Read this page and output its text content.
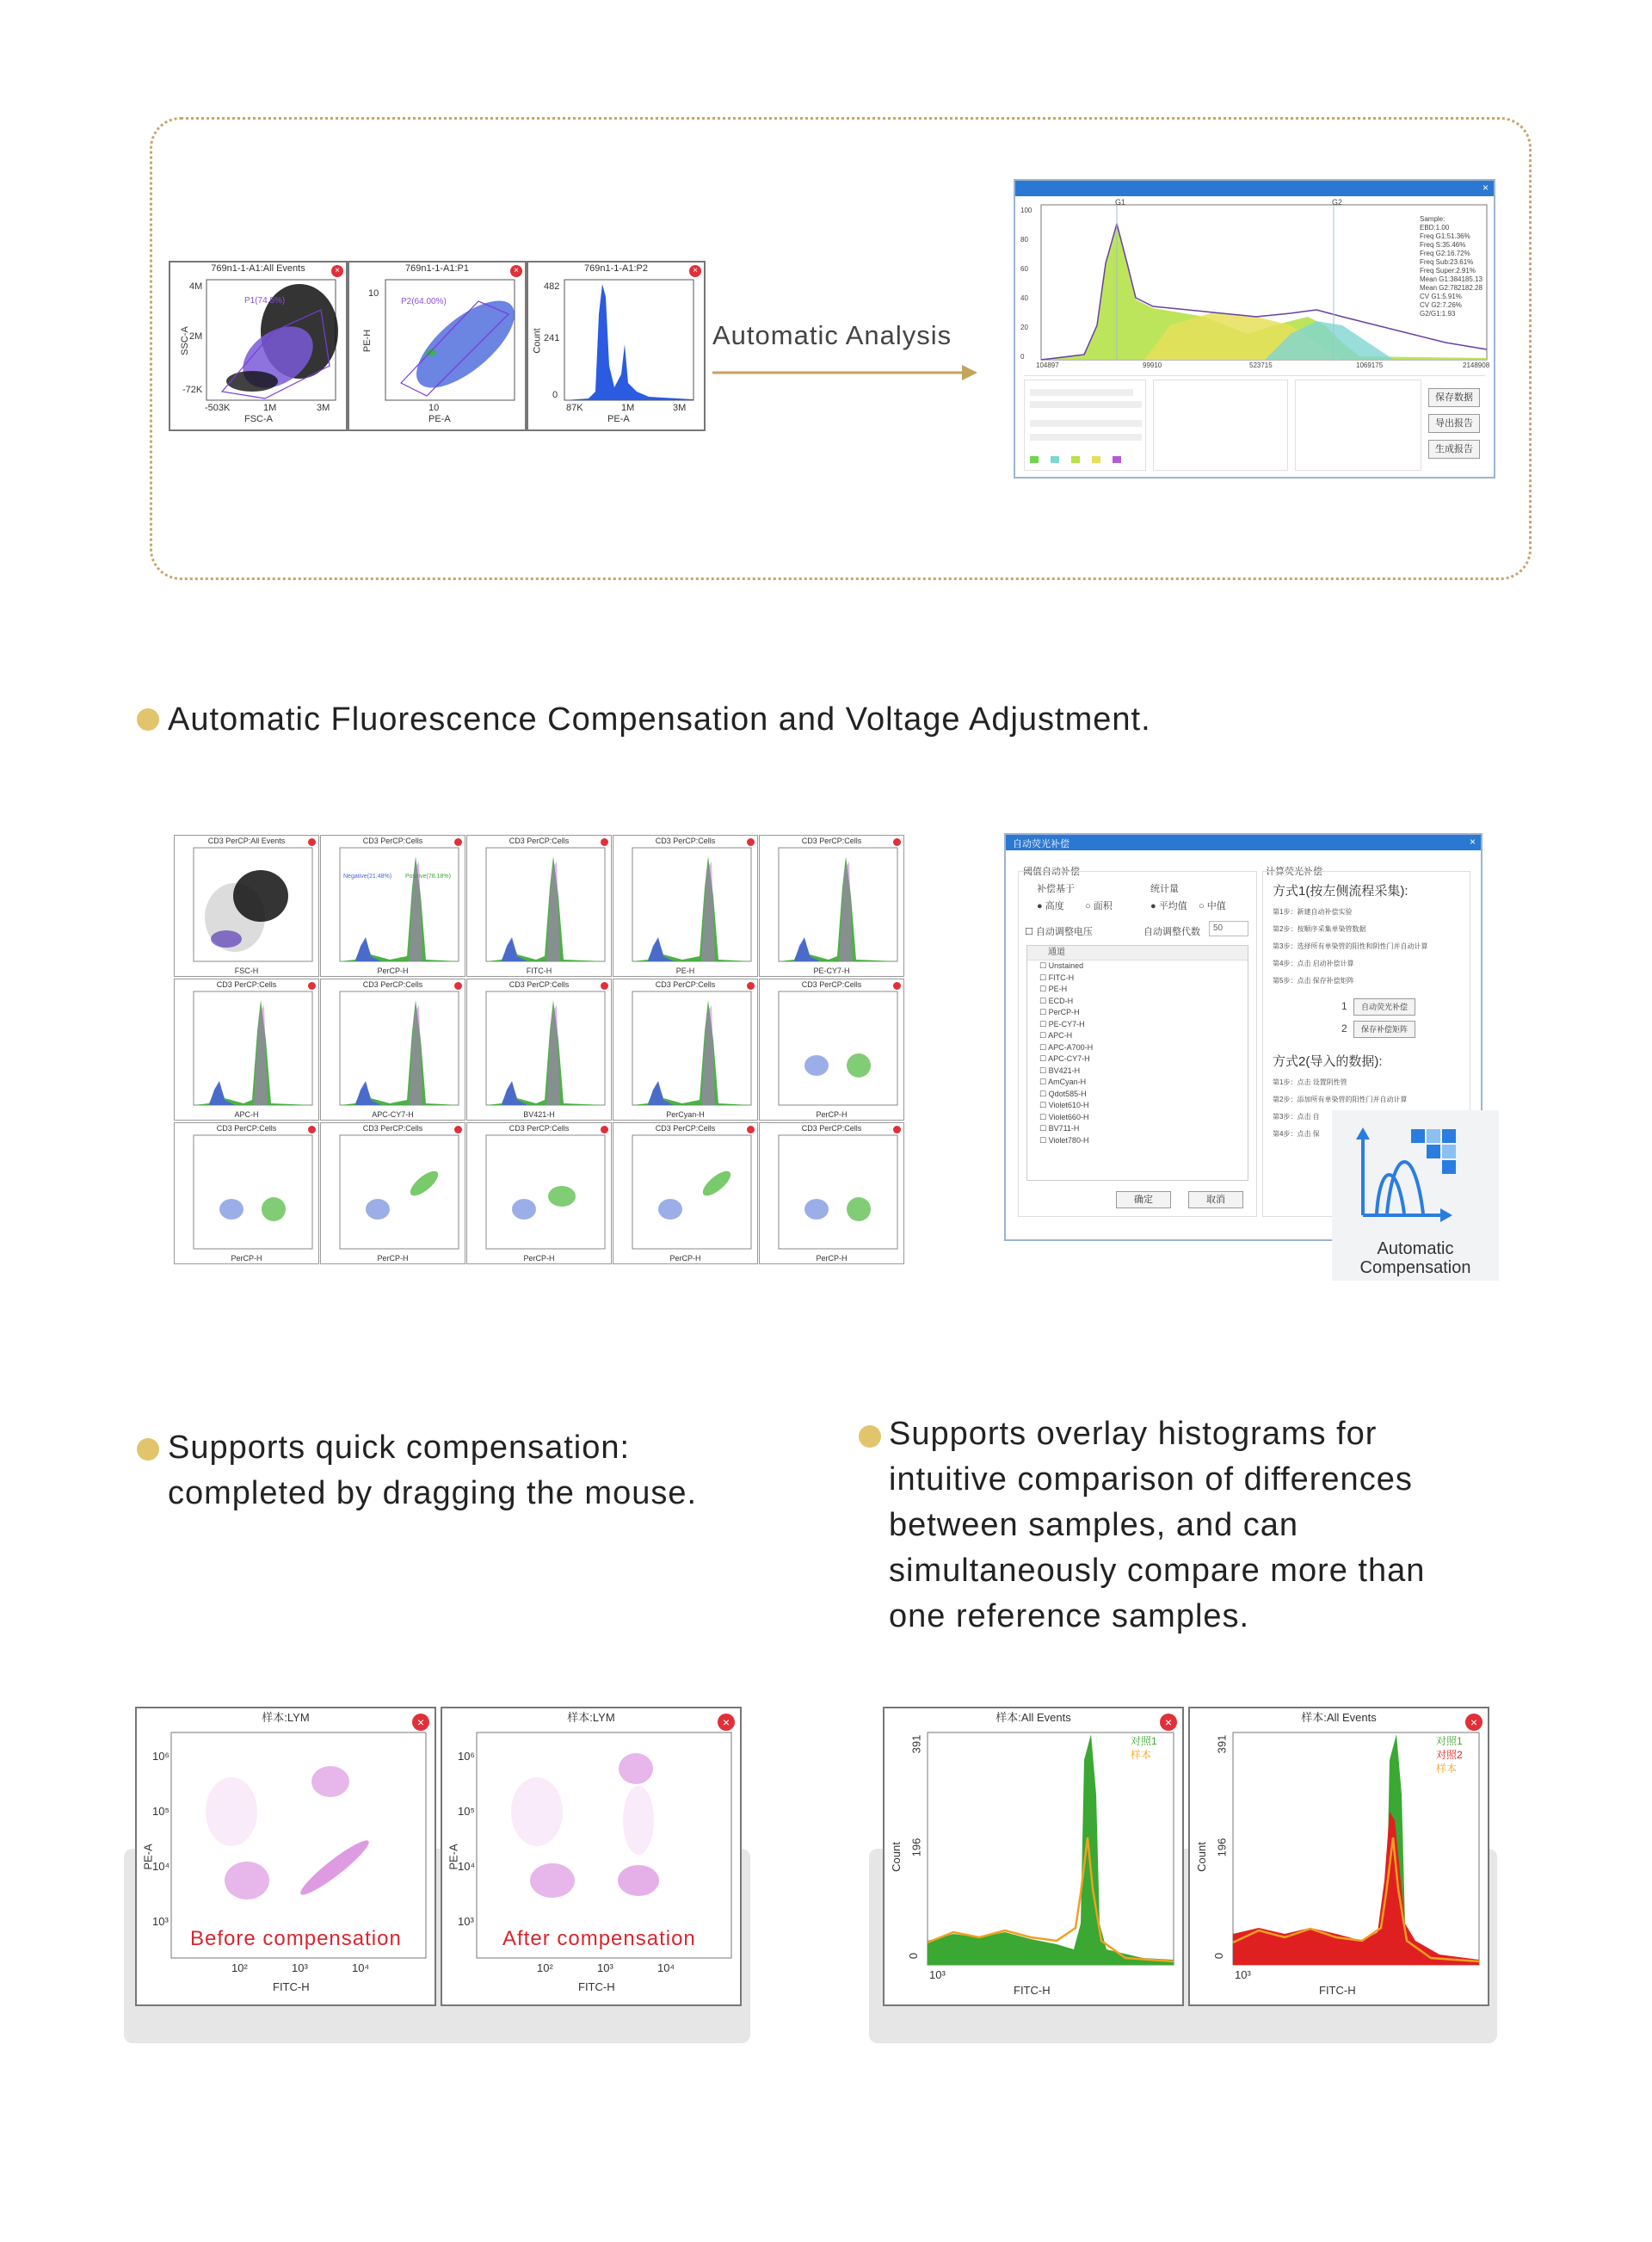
769n1-1-A1:All Events	×
P1(74.5%)
4M
2M
-72K
-503K	1M	3M
FSC-A
SSC-A
769n1-1-A1:P1	×
P2(64.00%)
10
10
PE-A
PE-H
769n1-1-A1:P2	×
482
241
0
87K	1M	3M
PE-A
Count	Automatic Analysis
×
G1	G2
Sample:
EBD:1.00
Freq G1:51.36%
Freq S:35.46%
Freq G2:16.72%
Freq Sub:23.61%
Freq Super:2.91%
Mean G1:384185.13
Mean G2:782182.28
CV G1:5.91%
CV G2:7.26%
G2/G1:1.93
保存数据
导出报告
生成报告
100
80
60
40
20
0
104897	99910	523715	1069175	2148908
Automatic Fluorescence Compensation and Voltage Adjustment.
CD3 PerCP:All Events
FSC-H
CD3 PerCP:Cells
PerCP-H
Negative(21.48%) Positive(78.18%)
CD3 PerCP:Cells
FITC-H
CD3 PerCP:Cells
PE-H
CD3 PerCP:Cells
PE-CY7-H
CD3 PerCP:Cells
APC-H
CD3 PerCP:Cells
APC-CY7-H
CD3 PerCP:Cells
BV421-H
CD3 PerCP:Cells
PerCyan-H
CD3 PerCP:Cells
PerCP-H
CD3 PerCP:Cells
PerCP-H
CD3 PerCP:Cells
PerCP-H
CD3 PerCP:Cells
PerCP-H
CD3 PerCP:Cells
PerCP-H
CD3 PerCP:Cells
PerCP-H
自动荧光补偿	×
阈值自动补偿
补偿基于
● 高度 ○ 面积
统计量
● 平均值 ○ 中值
☐ 自动调整电压	自动调整代数	50
通道
☐ Unstained
☐ FITC-H
☐ PE-H
☐ ECD-H
☐ PerCP-H
☐ PE-CY7-H
☐ APC-H
☐ APC-A700-H
☐ APC-CY7-H
☐ BV421-H
☐ AmCyan-H
☐ Qdot585-H
☐ Violet610-H
☐ Violet660-H
☐ BV711-H
☐ Violet780-H
确定	取消
计算荧光补偿
方式1(按左侧流程采集):
1	自动荧光补偿
2	保存补偿矩阵
方式2(导入的数据):
第1步：新建自动补偿实验
第2步：按顺序采集单染管数据
第3步：选择所有单染管的阳性和阴性门并自动计算
第4步：点击 启动补偿计算
第5步：点击 保存补偿矩阵
第1步：点击 设置阴性管
第2步：添加所有单染管的阳性门并自动计算
第3步：点击 自
第4步：点击 保
Automatic Compensation
Supports quick compensation:
completed by dragging the mouse.
Supports overlay histograms for
intuitive comparison of differences
between samples, and can
simultaneously compare more than
one reference samples.
样本:LYM	×
10⁶
10⁵
10⁴
10³
10²	10³	10⁴
FITC-H
PE-A
Before compensation
样本:LYM	×
10⁶
10⁵
10⁴
10³
10²	10³	10⁴
FITC-H
PE-A
After compensation
样本:All Events	×
对照1
样本
391
196
0
10³
FITC-H
Count
样本:All Events	×
对照1
对照2
样本
391
196
0
10³
FITC-H
Count
